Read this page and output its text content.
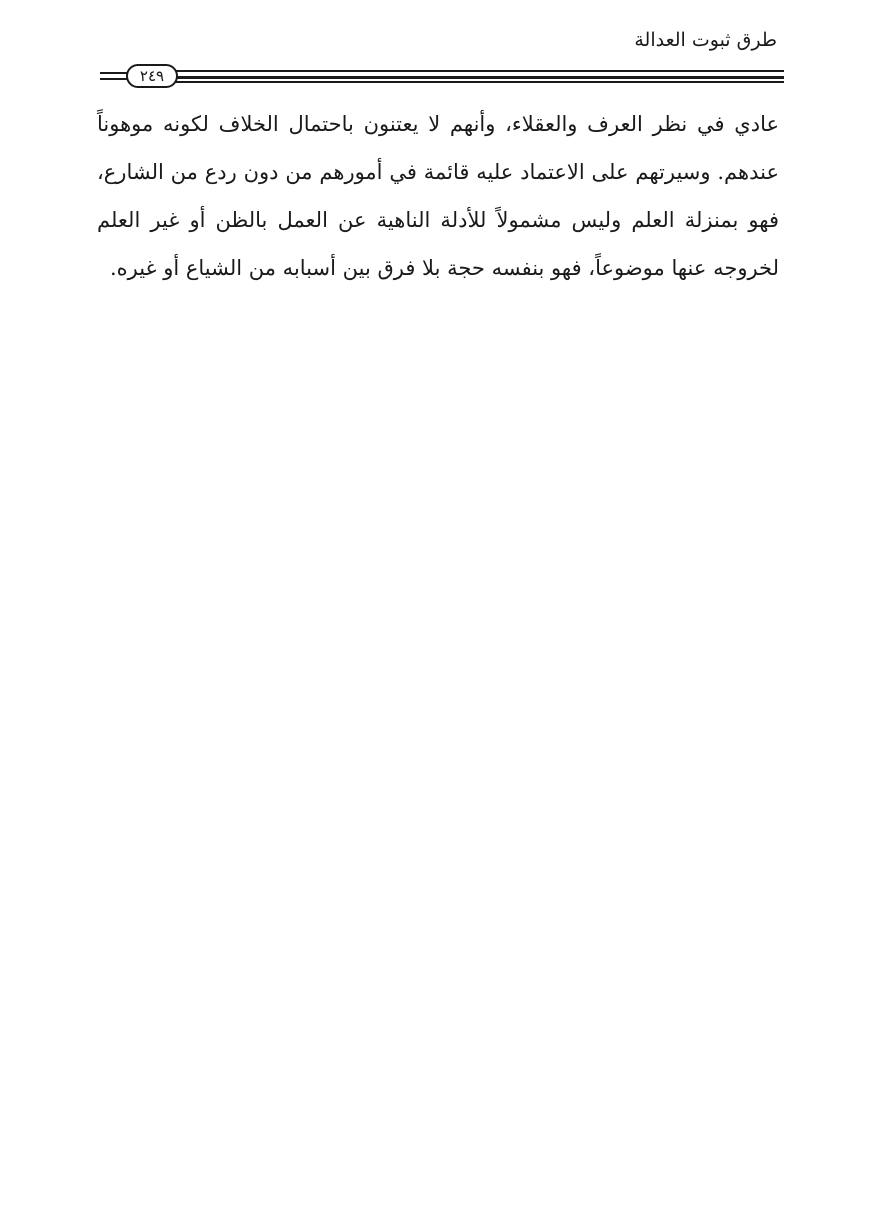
طرق ثبوت العدالة
٢٤٩
عادي في نظر العرف والعقلاء، وأنهم لا يعتنون باحتمال الخلاف لكونه موهوناً
عندهم. وسيرتهم على الاعتماد عليه قائمة في أمورهم من دون ردع من الشارع،
فهو بمنزلة العلم وليس مشمولاً للأدلة الناهية عن العمل بالظن أو غير العلم
لخروجه عنها موضوعاً، فهو بنفسه حجة بلا فرق بين أسبابه من الشياع أو غيره.
